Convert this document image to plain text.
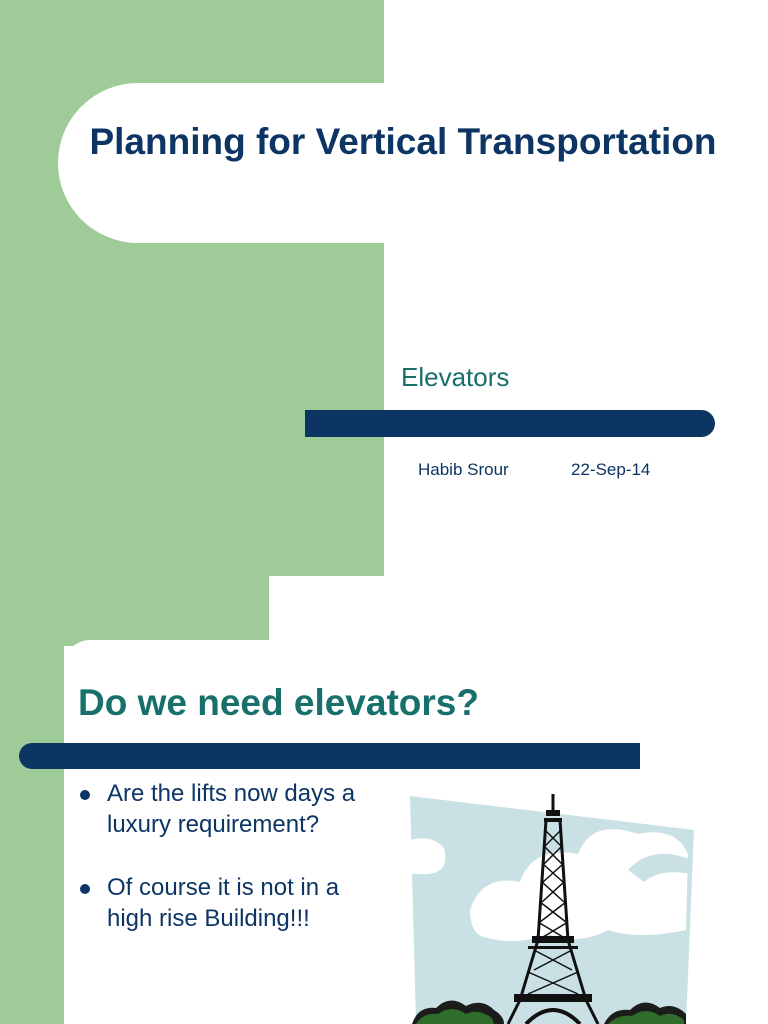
Planning for Vertical Transportation
Elevators
Habib Srour	22-Sep-14
Do we need elevators?
Are the lifts now days a luxury requirement?
Of course it is not in a high rise Building!!!
